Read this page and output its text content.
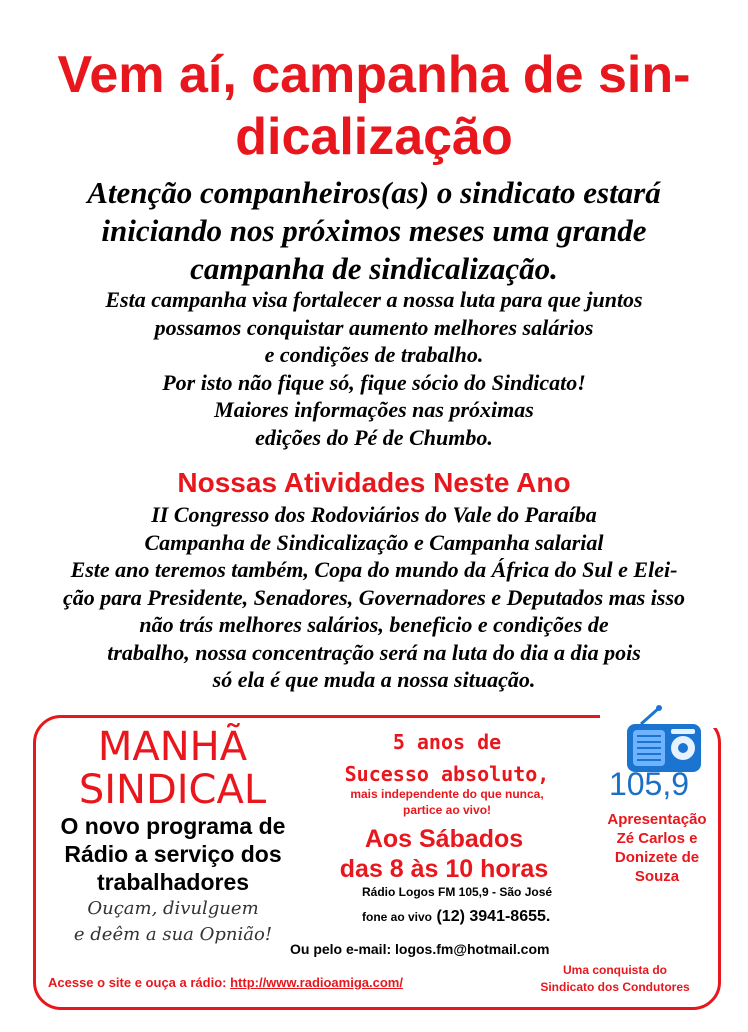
Vem aí, campanha de sin-
dicalização
Atenção companheiros(as) o sindicato estará
iniciando nos próximos meses uma grande
campanha de sindicalização.
Esta campanha visa fortalecer a nossa luta para que juntos
possamos conquistar aumento melhores salários
e condições de trabalho.
Por isto não fique só, fique sócio do Sindicato!
Maiores informações nas próximas
edições do Pé de Chumbo.
Nossas Atividades Neste Ano
II Congresso dos Rodoviários do Vale do Paraíba
Campanha de Sindicalização e Campanha salarial
Este ano teremos também, Copa do mundo da África do Sul e Elei-
ção para Presidente, Senadores, Governadores e Deputados mas isso
não trás melhores salários, beneficio e condições de
trabalho, nossa concentração será na luta do dia a dia pois
só ela é que muda a nossa situação.
105,9
MANHÃ
SINDICAL
O novo programa de
Rádio a serviço dos
trabalhadores
Ouçam, divulguem
e deêm a sua Opnião!
5 anos de
Sucesso absoluto,
mais independente do que nunca,
partice ao vivo!
Aos Sábados
das 8 às 10 horas
Rádio Logos FM 105,9 - São José
fone ao vivo (12) 3941-8655.
Ou pelo e-mail: logos.fm@hotmail.com
Apresentação
Zé Carlos e
Donizete de
Souza
Acesse o site e ouça a rádio: http://www.radioamiga.com/
Uma conquista do
Sindicato dos Condutores
